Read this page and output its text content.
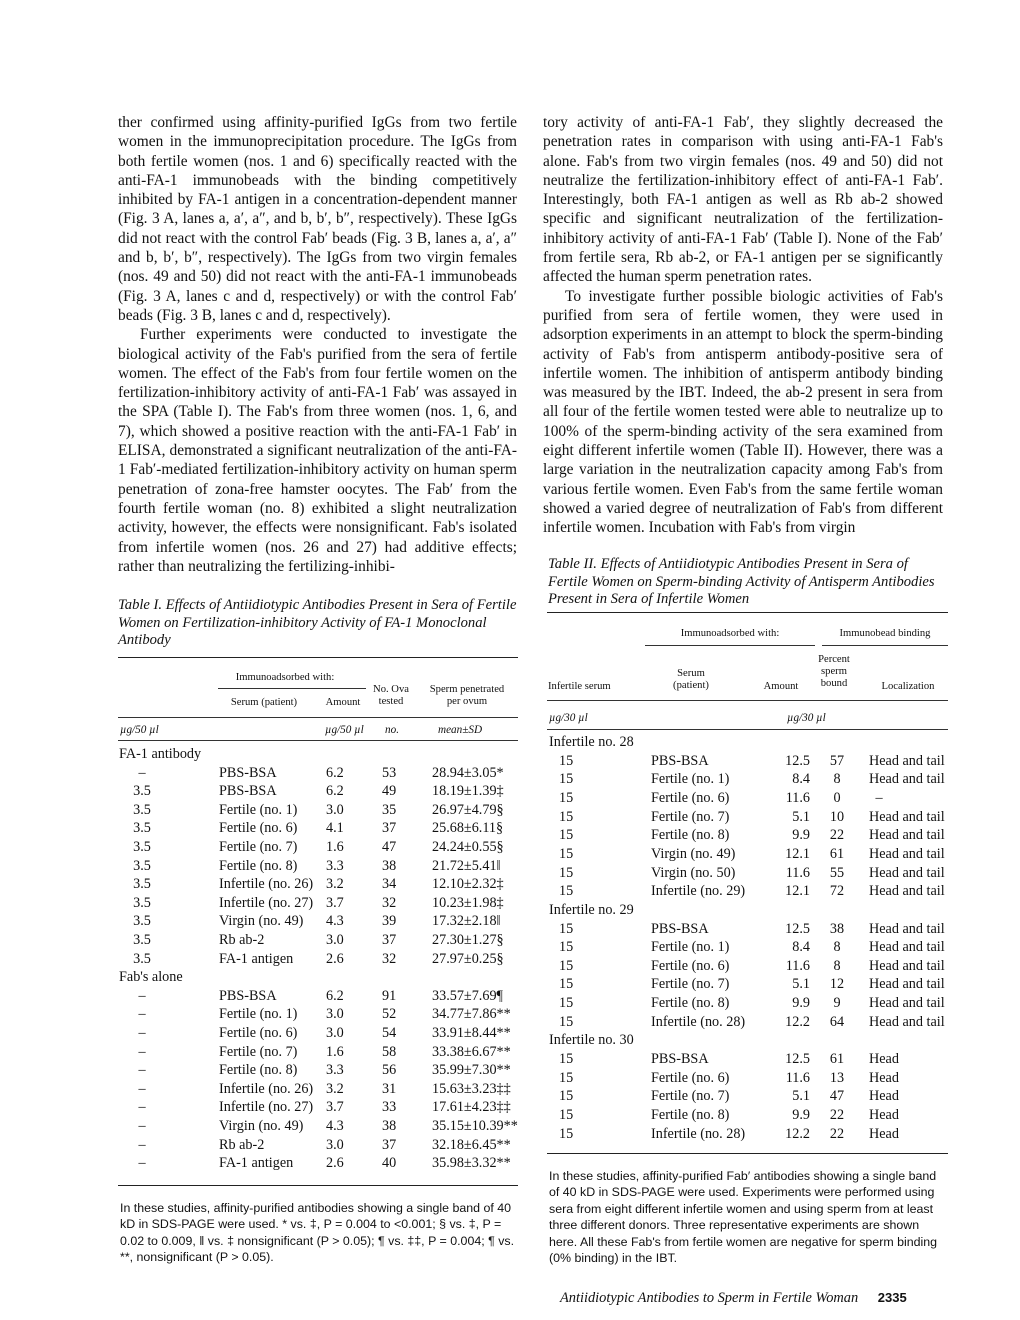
ther confirmed using affinity-purified IgGs from two fertile women in the immunoprecipitation procedure. The IgGs from both fertile women (nos. 1 and 6) specifically reacted with the anti-FA-1 immunobeads with the binding competitively inhibited by FA-1 antigen in a concentration-dependent manner (Fig. 3 A, lanes a, a′, a″, and b, b′, b″, respectively). These IgGs did not react with the control Fab′ beads (Fig. 3 B, lanes a, a′, a″ and b, b′, b″, respectively). The IgGs from two virgin females (nos. 49 and 50) did not react with the anti-FA-1 immunobeads (Fig. 3 A, lanes c and d, respectively) or with the control Fab′ beads (Fig. 3 B, lanes c and d, respectively).

Further experiments were conducted to investigate the biological activity of the Fab's purified from the sera of fertile women. The effect of the Fab's from four fertile women on the fertilization-inhibitory activity of anti-FA-1 Fab′ was assayed in the SPA (Table I). The Fab's from three women (nos. 1, 6, and 7), which showed a positive reaction with the anti-FA-1 Fab′ in ELISA, demonstrated a significant neutralization of the anti-FA-1 Fab′-mediated fertilization-inhibitory activity on human sperm penetration of zona-free hamster oocytes. The Fab′ from the fourth fertile woman (no. 8) exhibited a slight neutralization activity, however, the effects were nonsignificant. Fab's isolated from infertile women (nos. 26 and 27) had additive effects; rather than neutralizing the fertilizing-inhibi-

tory activity of anti-FA-1 Fab′, they slightly decreased the penetration rates in comparison with using anti-FA-1 Fab's alone. Fab's from two virgin females (nos. 49 and 50) did not neutralize the fertilization-inhibitory effect of anti-FA-1 Fab′. Interestingly, both FA-1 antigen as well as Rb ab-2 showed specific and significant neutralization of the fertilization-inhibitory activity of anti-FA-1 Fab′ (Table I). None of the Fab′ from fertile sera, Rb ab-2, or FA-1 antigen per se significantly affected the human sperm penetration rates.

To investigate further possible biologic activities of Fab's purified from sera of fertile women, they were used in adsorption experiments in an attempt to block the sperm-binding activity of Fab's from antisperm antibody-positive sera of infertile women. The inhibition of antisperm antibody binding was measured by the IBT. Indeed, the ab-2 present in sera from all four of the fertile women tested were able to neutralize up to 100% of the sperm-binding activity of the sera examined from eight different infertile women (Table II). However, there was a large variation in the neutralization capacity among Fab's from various fertile women. Even Fab's from the same fertile woman showed a varied degree of neutralization of Fab's from different infertile women. Incubation with Fab's from virgin

Table I. Effects of Antiidiotypic Antibodies Present in Sera of Fertile Women on Fertilization-inhibitory Activity of FA-1 Monoclonal Antibody
Immunoadsorbed with:
Serum (patient)	Amount
No. Ova tested
Sperm penetrated per ovum
µg/50 µl	µg/50 µl no.	mean±SD
FA-1 antibody
–	PBS-BSA	6.2	53	28.94±3.05*
3.5	PBS-BSA	6.2	49	18.19±1.39‡
3.5	Fertile (no. 1) 3.0	35	26.97±4.79§
3.5	Fertile (no. 6) 4.1	37	25.68±6.11§
3.5	Fertile (no. 7) 1.6	47	24.24±0.55§
3.5	Fertile (no. 8) 3.3	38	21.72±5.41‖
3.5	Infertile (no. 26) 3.2	34	12.10±2.32‡
3.5	Infertile (no. 27) 3.7	32	10.23±1.98‡
3.5	Virgin (no. 49) 4.3	39	17.32±2.18‖
3.5	Rb ab-2	3.0	37	27.30±1.27§
3.5	FA-1 antigen 2.6	32	27.97±0.25§
Fab's alone
–	PBS-BSA	6.2	91	33.57±7.69¶
–	Fertile (no. 1) 3.0	52	34.77±7.86**
–	Fertile (no. 6) 3.0	54	33.91±8.44**
–	Fertile (no. 7) 1.6	58	33.38±6.67**
–	Fertile (no. 8) 3.3	56	35.99±7.30**
–	Infertile (no. 26) 3.2	31	15.63±3.23‡‡
–	Infertile (no. 27) 3.7	33	17.61±4.23‡‡
–	Virgin (no. 49) 4.3	38	35.15±10.39**
–	Rb ab-2	3.0	37	32.18±6.45**
–	FA-1 antigen 2.6	40	35.98±3.32**
In these studies, affinity-purified antibodies showing a single band of 40 kD in SDS-PAGE were used. * vs. ‡, P = 0.004 to <0.001; § vs. ‡, P = 0.02 to 0.009, ‖ vs. ‡ nonsignificant (P > 0.05); ¶ vs. ‡‡, P = 0.004; ¶ vs. **, nonsignificant (P > 0.05).
Table II. Effects of Antiidiotypic Antibodies Present in Sera of Fertile Women on Sperm-binding Activity of Antisperm Antibodies Present in Sera of Infertile Women
Immunoadsorbed with:	Immunobead binding
Infertile serum
Serum (patient)	Amount
Percent sperm bound	Localization
µg/30 µl	µg/30 µl
Infertile no. 28
15	PBS-BSA	12.5	57	Head and tail
15	Fertile (no. 1)	8.4	8	Head and tail
15	Fertile (no. 6)	11.6	0	–
15	Fertile (no. 7)	5.1	10	Head and tail
15	Fertile (no. 8)	9.9	22	Head and tail
15	Virgin (no. 49)	12.1	61	Head and tail
15	Virgin (no. 50)	11.6	55	Head and tail
15	Infertile (no. 29)	12.1	72	Head and tail
Infertile no. 29
15	PBS-BSA	12.5	38	Head and tail
15	Fertile (no. 1)	8.4	8	Head and tail
15	Fertile (no. 6)	11.6	8	Head and tail
15	Fertile (no. 7)	5.1	12	Head and tail
15	Fertile (no. 8)	9.9	9	Head and tail
15	Infertile (no. 28)	12.2	64	Head and tail
Infertile no. 30
15	PBS-BSA	12.5	61	Head
15	Fertile (no. 6)	11.6	13	Head
15	Fertile (no. 7)	5.1	47	Head
15	Fertile (no. 8)	9.9	22	Head
15	Infertile (no. 28)	12.2	22	Head
In these studies, affinity-purified Fab′ antibodies showing a single band of 40 kD in SDS-PAGE were used. Experiments were performed using sera from eight different infertile women and using sperm from at least three different donors. Three representative experiments are shown here. All these Fab's from fertile women are negative for sperm binding (0% binding) in the IBT.
Antiidiotypic Antibodies to Sperm in Fertile Woman 2335
